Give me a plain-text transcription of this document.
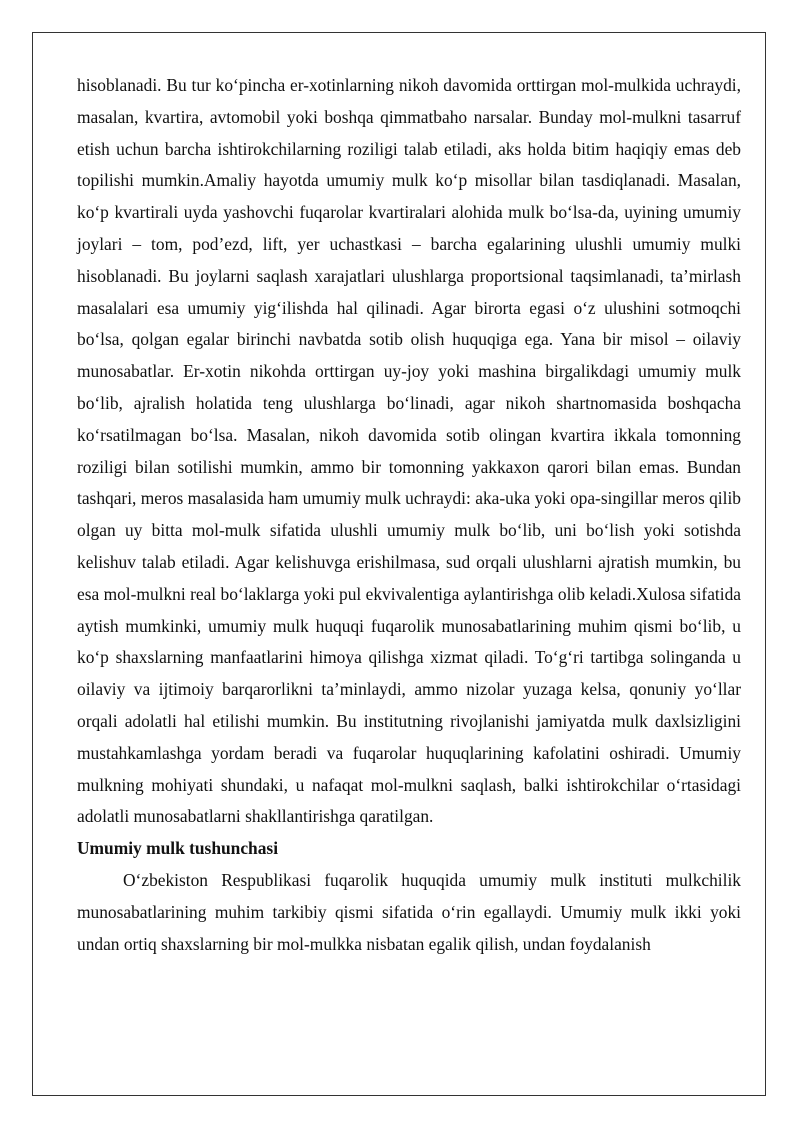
hisoblanadi. Bu tur ko‘pincha er-xotinlarning nikoh davomida orttirgan mol-mulkida uchraydi, masalan, kvartira, avtomobil yoki boshqa qimmatbaho narsalar. Bunday mol-mulkni tasarruf etish uchun barcha ishtirokchilarning roziligi talab etiladi, aks holda bitim haqiqiy emas deb topilishi mumkin.Amaliy hayotda umumiy mulk ko‘p misollar bilan tasdiqlanadi. Masalan, ko‘p kvartirali uyda yashovchi fuqarolar kvartiralari alohida mulk bo‘lsa-da, uyining umumiy joylari – tom, pod’ezd, lift, yer uchastkasi – barcha egalarining ulushli umumiy mulki hisoblanadi. Bu joylarni saqlash xarajatlari ulushlarga proportsional taqsimlanadi, ta’mirlash masalalari esa umumiy yig‘ilishda hal qilinadi. Agar birorta egasi o‘z ulushini sotmoqchi bo‘lsa, qolgan egalar birinchi navbatda sotib olish huquqiga ega. Yana bir misol – oilaviy munosabatlar. Er-xotin nikohda orttirgan uy-joy yoki mashina birgalikdagi umumiy mulk bo‘lib, ajralish holatida teng ulushlarga bo‘linadi, agar nikoh shartnomasida boshqacha ko‘rsatilmagan bo‘lsa. Masalan, nikoh davomida sotib olingan kvartira ikkala tomonning roziligi bilan sotilishi mumkin, ammo bir tomonning yakkaxon qarori bilan emas. Bundan tashqari, meros masalasida ham umumiy mulk uchraydi: aka-uka yoki opa-singillar meros qilib olgan uy bitta mol-mulk sifatida ulushli umumiy mulk bo‘lib, uni bo‘lish yoki sotishda kelishuv talab etiladi. Agar kelishuvga erishilmasa, sud orqali ulushlarni ajratish mumkin, bu esa mol-mulkni real bo‘laklarga yoki pul ekvivalentiga aylantirishga olib keladi.Xulosa sifatida aytish mumkinki, umumiy mulk huquqi fuqarolik munosabatlarining muhim qismi bo‘lib, u ko‘p shaxslarning manfaatlarini himoya qilishga xizmat qiladi. To‘g‘ri tartibga solinganda u oilaviy va ijtimoiy barqarorlikni ta’minlaydi, ammo nizolar yuzaga kelsa, qonuniy yo‘llar orqali adolatli hal etilishi mumkin. Bu institutning rivojlanishi jamiyatda mulk daxlsizligini mustahkamlashga yordam beradi va fuqarolar huquqlarining kafolatini oshiradi. Umumiy mulkning mohiyati shundaki, u nafaqat mol-mulkni saqlash, balki ishtirokchilar o‘rtasidagi adolatli munosabatlarni shakllantirishga qaratilgan.

Umumiy mulk tushunchasi

O‘zbekiston Respublikasi fuqarolik huquqida umumiy mulk instituti mulkchilik munosabatlarining muhim tarkibiy qismi sifatida o‘rin egallaydi. Umumiy mulk ikki yoki undan ortiq shaxslarning bir mol-mulkka nisbatan egalik qilish, undan foydalanish
